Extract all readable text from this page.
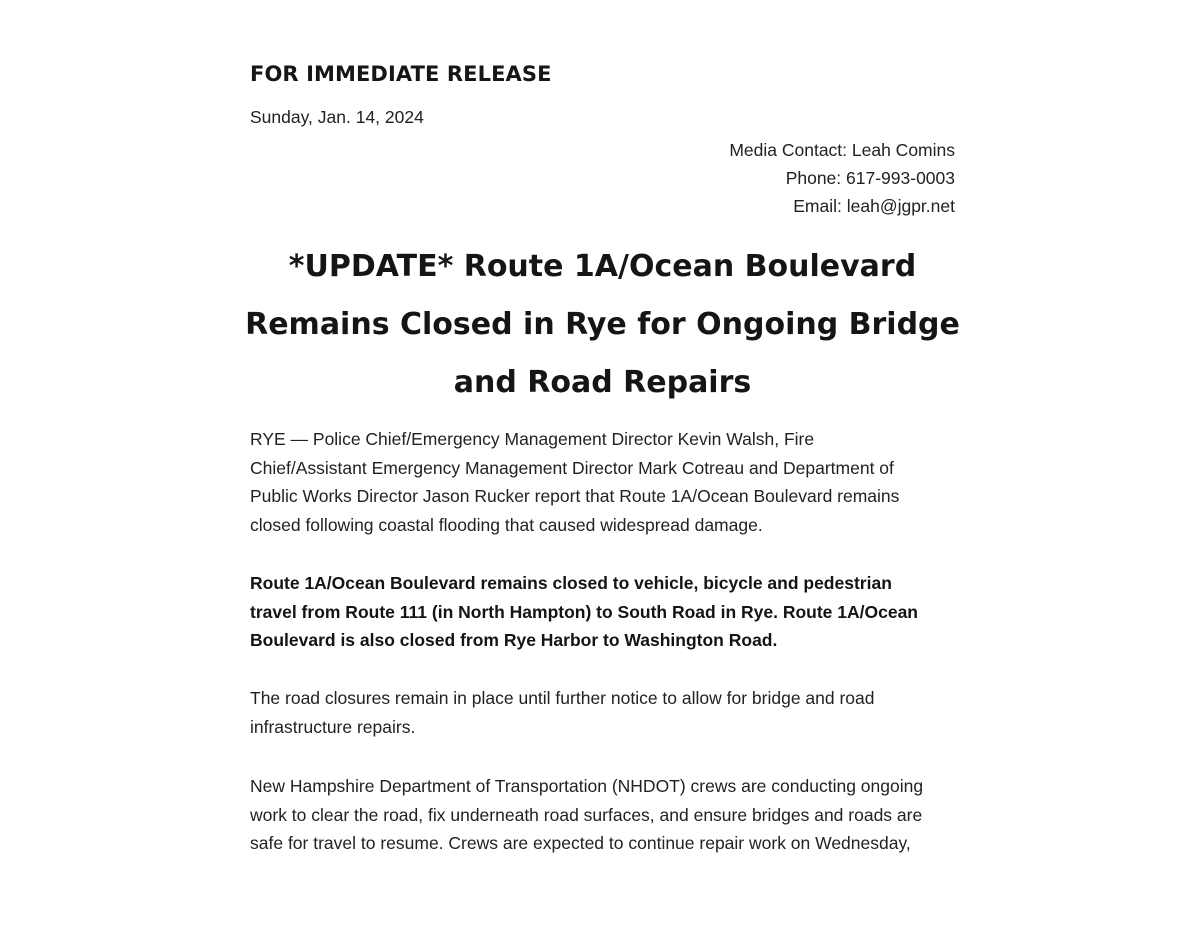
FOR IMMEDIATE RELEASE
Sunday, Jan. 14, 2024
Media Contact: Leah Comins
Phone: 617-993-0003
Email: leah@jgpr.net
*UPDATE* Route 1A/Ocean Boulevard
Remains Closed in Rye for Ongoing Bridge
and Road Repairs
RYE — Police Chief/Emergency Management Director Kevin Walsh, Fire
Chief/Assistant Emergency Management Director Mark Cotreau and Department of
Public Works Director Jason Rucker report that Route 1A/Ocean Boulevard remains
closed following coastal flooding that caused widespread damage.
Route 1A/Ocean Boulevard remains closed to vehicle, bicycle and pedestrian
travel from Route 111 (in North Hampton) to South Road in Rye. Route 1A/Ocean
Boulevard is also closed from Rye Harbor to Washington Road.
The road closures remain in place until further notice to allow for bridge and road
infrastructure repairs.
New Hampshire Department of Transportation (NHDOT) crews are conducting ongoing
work to clear the road, fix underneath road surfaces, and ensure bridges and roads are
safe for travel to resume. Crews are expected to continue repair work on Wednesday,
